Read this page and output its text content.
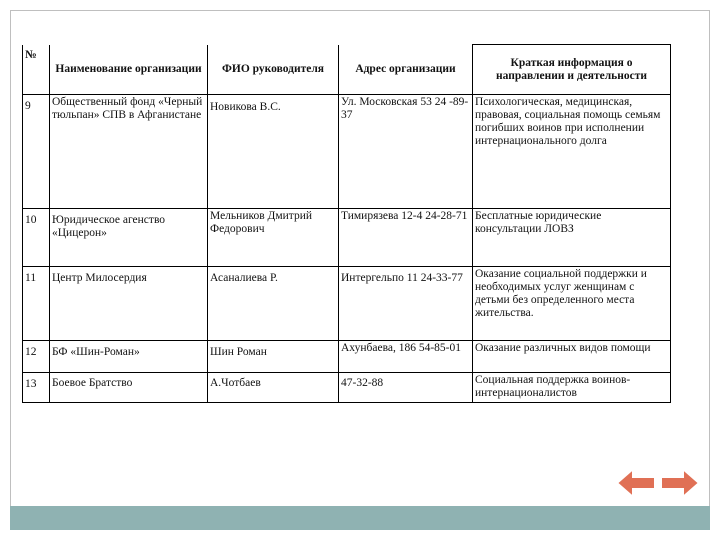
№	Наименование организации	ФИО руководителя	Адрес организации	Краткая информация о направлении и деятельности
9	Общественный фонд «Черный тюльпан» СПВ в Афганистане	Новикова В.С.	Ул. Московская 53 24 -89-37	Психологическая, медицинская, правовая, социальная помощь семьям погибших воинов при исполнении интернационального долга
10	Юридическое агенство «Цицерон»	Мельников Дмитрий Федорович	Тимирязева 12-4 24-28-71	Бесплатные юридические консультации ЛОВЗ
11	Центр Милосердия	Асаналиева Р.	Интергельпо 11 24-33-77	Оказание социальной поддержки и необходимых услуг женщинам с детьми без определенного места жительства.
12	БФ «Шин-Роман»	Шин Роман	Ахунбаева, 186 54-85-01	Оказание различных видов помощи
13	Боевое Братство	А.Чотбаев	47-32-88	Социальная поддержка воинов-интернационалистов
